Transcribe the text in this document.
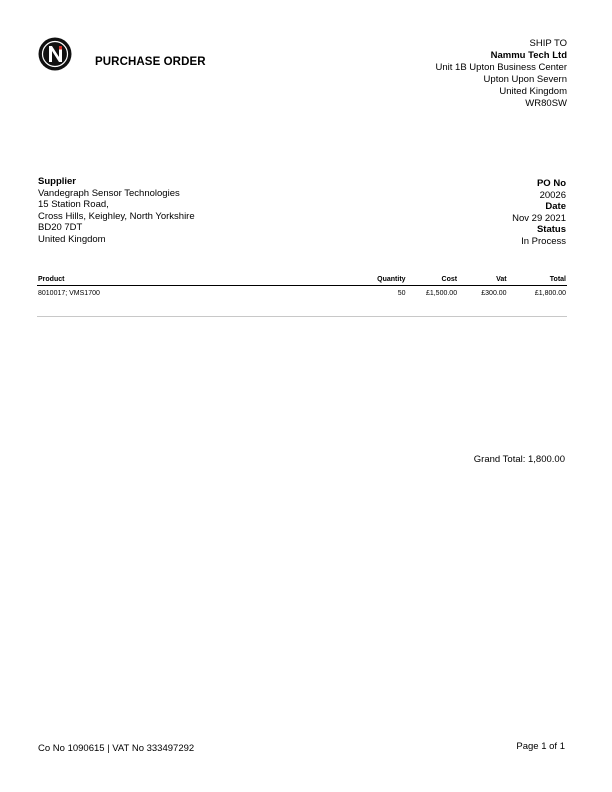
PURCHASE ORDER
SHIP TO
Nammu Tech Ltd
Unit 1B Upton Business Center
Upton Upon Severn
United Kingdom
WR80SW
Supplier
Vandegraph Sensor Technologies
15 Station Road,
Cross Hills, Keighley, North Yorkshire
BD20 7DT
United Kingdom
PO No
20026
Date
Nov 29 2021
Status
In Process
Product	Quantity	Cost	Vat	Total
8010017; VMS1700	50	£1,500.00	£300.00	£1,800.00
Grand Total: 1,800.00
Co No 1090615 | VAT No 333497292	Page 1 of 1
